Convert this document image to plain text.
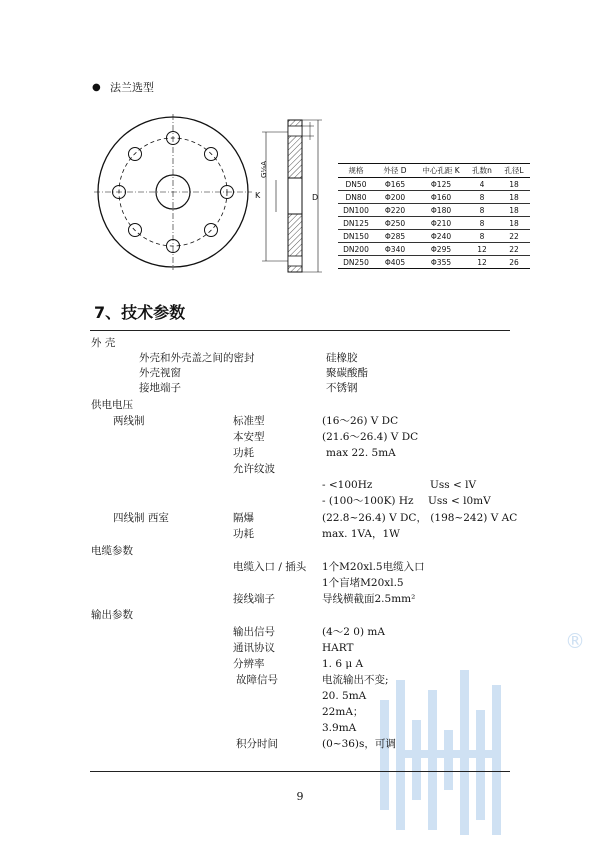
● 法兰选型
K	D
G⅛A	规格	外径 D	中心孔距 K	孔数n	孔径L
DN50	Φ165	Φ125	4	18
DN80	Φ200	Φ160	8	18
DN100	Φ220	Φ180	8	18
DN125	Φ250	Φ210	8	18
DN150	Φ285	Φ240	8	22
DN200	Φ340	Φ295	12	22
DN250	Φ405	Φ355	12	26
7、技术参数
®
外 壳
外壳和外壳盖之间的密封	硅橡胶
外壳视窗	聚碳酸酯
接地端子	不锈钢
供电电压
两线制	标准型	(16～26) V DC
本安型	(21.6～26.4) V DC
功耗	max 22. 5mA
允许纹波
- <100Hz	Uss < lV
- (100～100K) Hz Uss < l0mV
四线制 西室	隔爆	(22.8~26.4) V DC， (198~242) V AC
功耗	max. 1VA，1W
电缆参数
电缆入口 / 插头 1个M20xl.5电缆入口
1个盲堵M20xl.5
接线端子	导线横截面2.5mm²
输出参数
输出信号	(4～2 0) mA
通讯协议	HART
分辨率	1. 6 μ A
故障信号	电流输出不变;
20. 5mA
22mA；
3.9mA
积分时间	(0~36)s，可调
9
